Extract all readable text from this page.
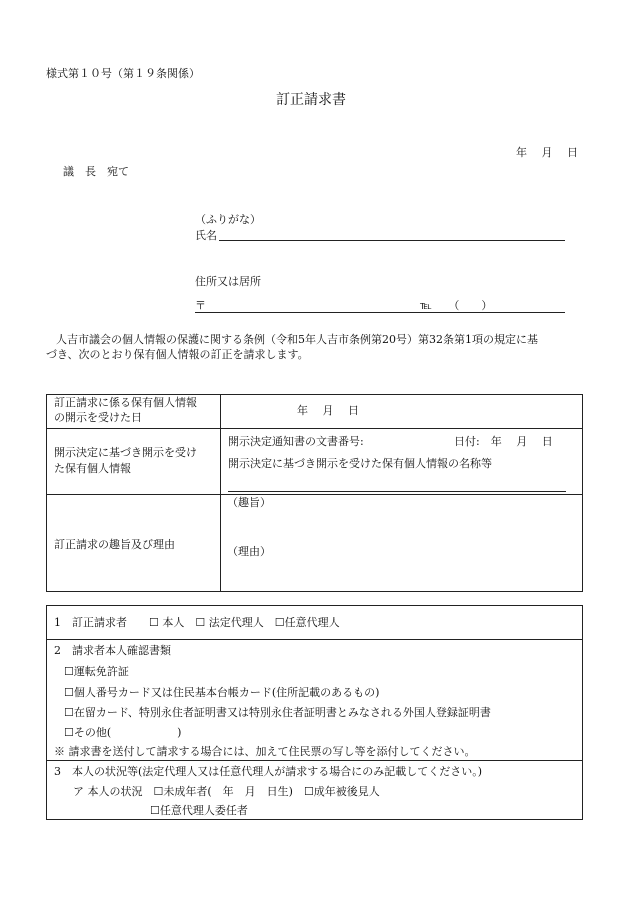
様式第１０号（第１９条関係）
訂正請求書
年　 月　 日
議　長　宛て
（ふりがな）
氏名
住所又は居所
〒	℡　　（　　）
人吉市議会の個人情報の保護に関する条例（令和5年人吉市条例第20号）第32条第1項の規定に基
づき、次のとおり保有個人情報の訂正を請求します。
訂正請求に係る保有個人情報
の開示を受けた日
年　 月　 日
開示決定に基づき開示を受け
た保有個人情報
開示決定通知書の文書番号:	日付:　年　 月　 日
開示決定に基づき開示を受けた保有個人情報の名称等
訂正請求の趣旨及び理由
（趣旨）
（理由）
1　訂正請求者　　☐ 本人　☐ 法定代理人　☐任意代理人
2　請求者本人確認書類
☐運転免許証
☐個人番号カード又は住民基本台帳カード(住所記載のあるもの)
☐在留カード、特別永住者証明書又は特別永住者証明書とみなされる外国人登録証明書
☐その他(　　　　　　)
※ 請求書を送付して請求する場合には、加えて住民票の写し等を添付してください。
3　本人の状況等(法定代理人又は任意代理人が請求する場合にのみ記載してください。)
ア 本人の状況　☐未成年者(　年　月　日生)　☐成年被後見人
☐任意代理人委任者
